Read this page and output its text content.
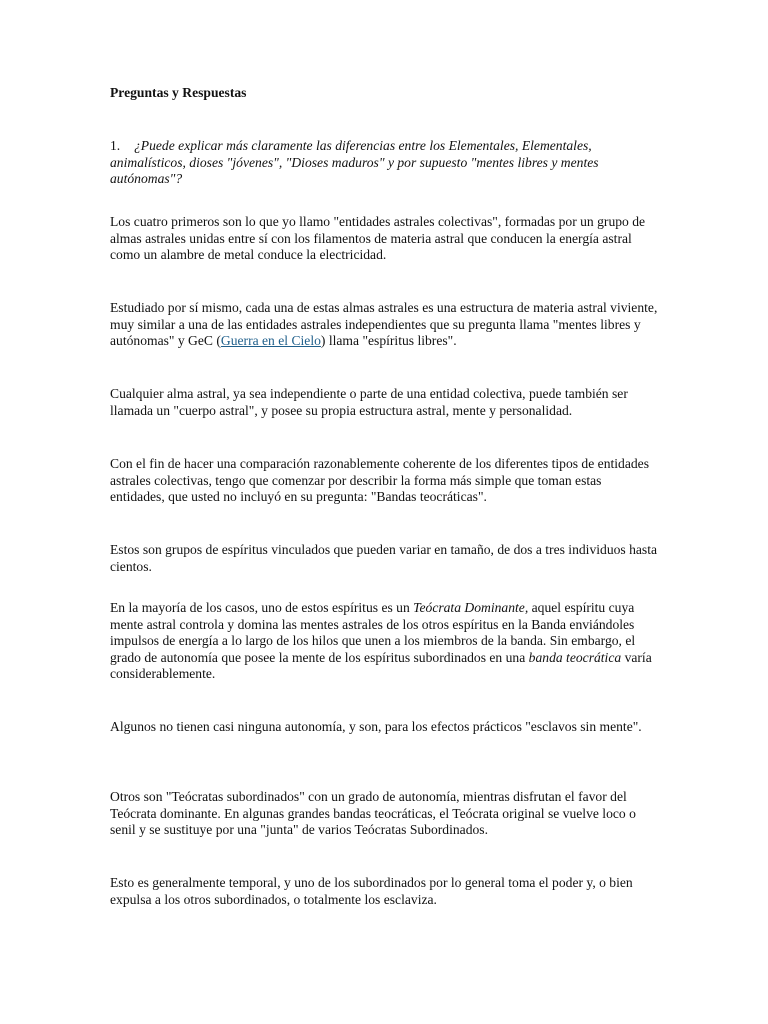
Preguntas y Respuestas

1. ¿Puede explicar más claramente las diferencias entre los Elementales, Elementales, animalísticos, dioses "jóvenes", "Dioses maduros" y por supuesto "mentes libres y mentes autónomas"?

Los cuatro primeros son lo que yo llamo "entidades astrales colectivas", formadas por un grupo de almas astrales unidas entre sí con los filamentos de materia astral que conducen la energía astral como un alambre de metal conduce la electricidad.

Estudiado por sí mismo, cada una de estas almas astrales es una estructura de materia astral viviente, muy similar a una de las entidades astrales independientes que su pregunta llama "mentes libres y autónomas" y GeC (Guerra en el Cielo) llama "espíritus libres".

Cualquier alma astral, ya sea independiente o parte de una entidad colectiva, puede también ser llamada un "cuerpo astral", y posee su propia estructura astral, mente y personalidad.

Con el fin de hacer una comparación razonablemente coherente de los diferentes tipos de entidades astrales colectivas, tengo que comenzar por describir la forma más simple que toman estas entidades, que usted no incluyó en su pregunta: "Bandas teocráticas".

Estos son grupos de espíritus vinculados que pueden variar en tamaño, de dos a tres individuos hasta cientos.

En la mayoría de los casos, uno de estos espíritus es un Teócrata Dominante, aquel espíritu cuya mente astral controla y domina las mentes astrales de los otros espíritus en la Banda enviándoles impulsos de energía a lo largo de los hilos que unen a los miembros de la banda. Sin embargo, el grado de autonomía que posee la mente de los espíritus subordinados en una banda teocrática varía considerablemente.

Algunos no tienen casi ninguna autonomía, y son, para los efectos prácticos "esclavos sin mente".

Otros son "Teócratas subordinados" con un grado de autonomía, mientras disfrutan el favor del Teócrata dominante. En algunas grandes bandas teocráticas, el Teócrata original se vuelve loco o senil y se sustituye por una "junta" de varios Teócratas Subordinados.

Esto es generalmente temporal, y uno de los subordinados por lo general toma el poder y, o bien expulsa a los otros subordinados, o totalmente los esclaviza.
